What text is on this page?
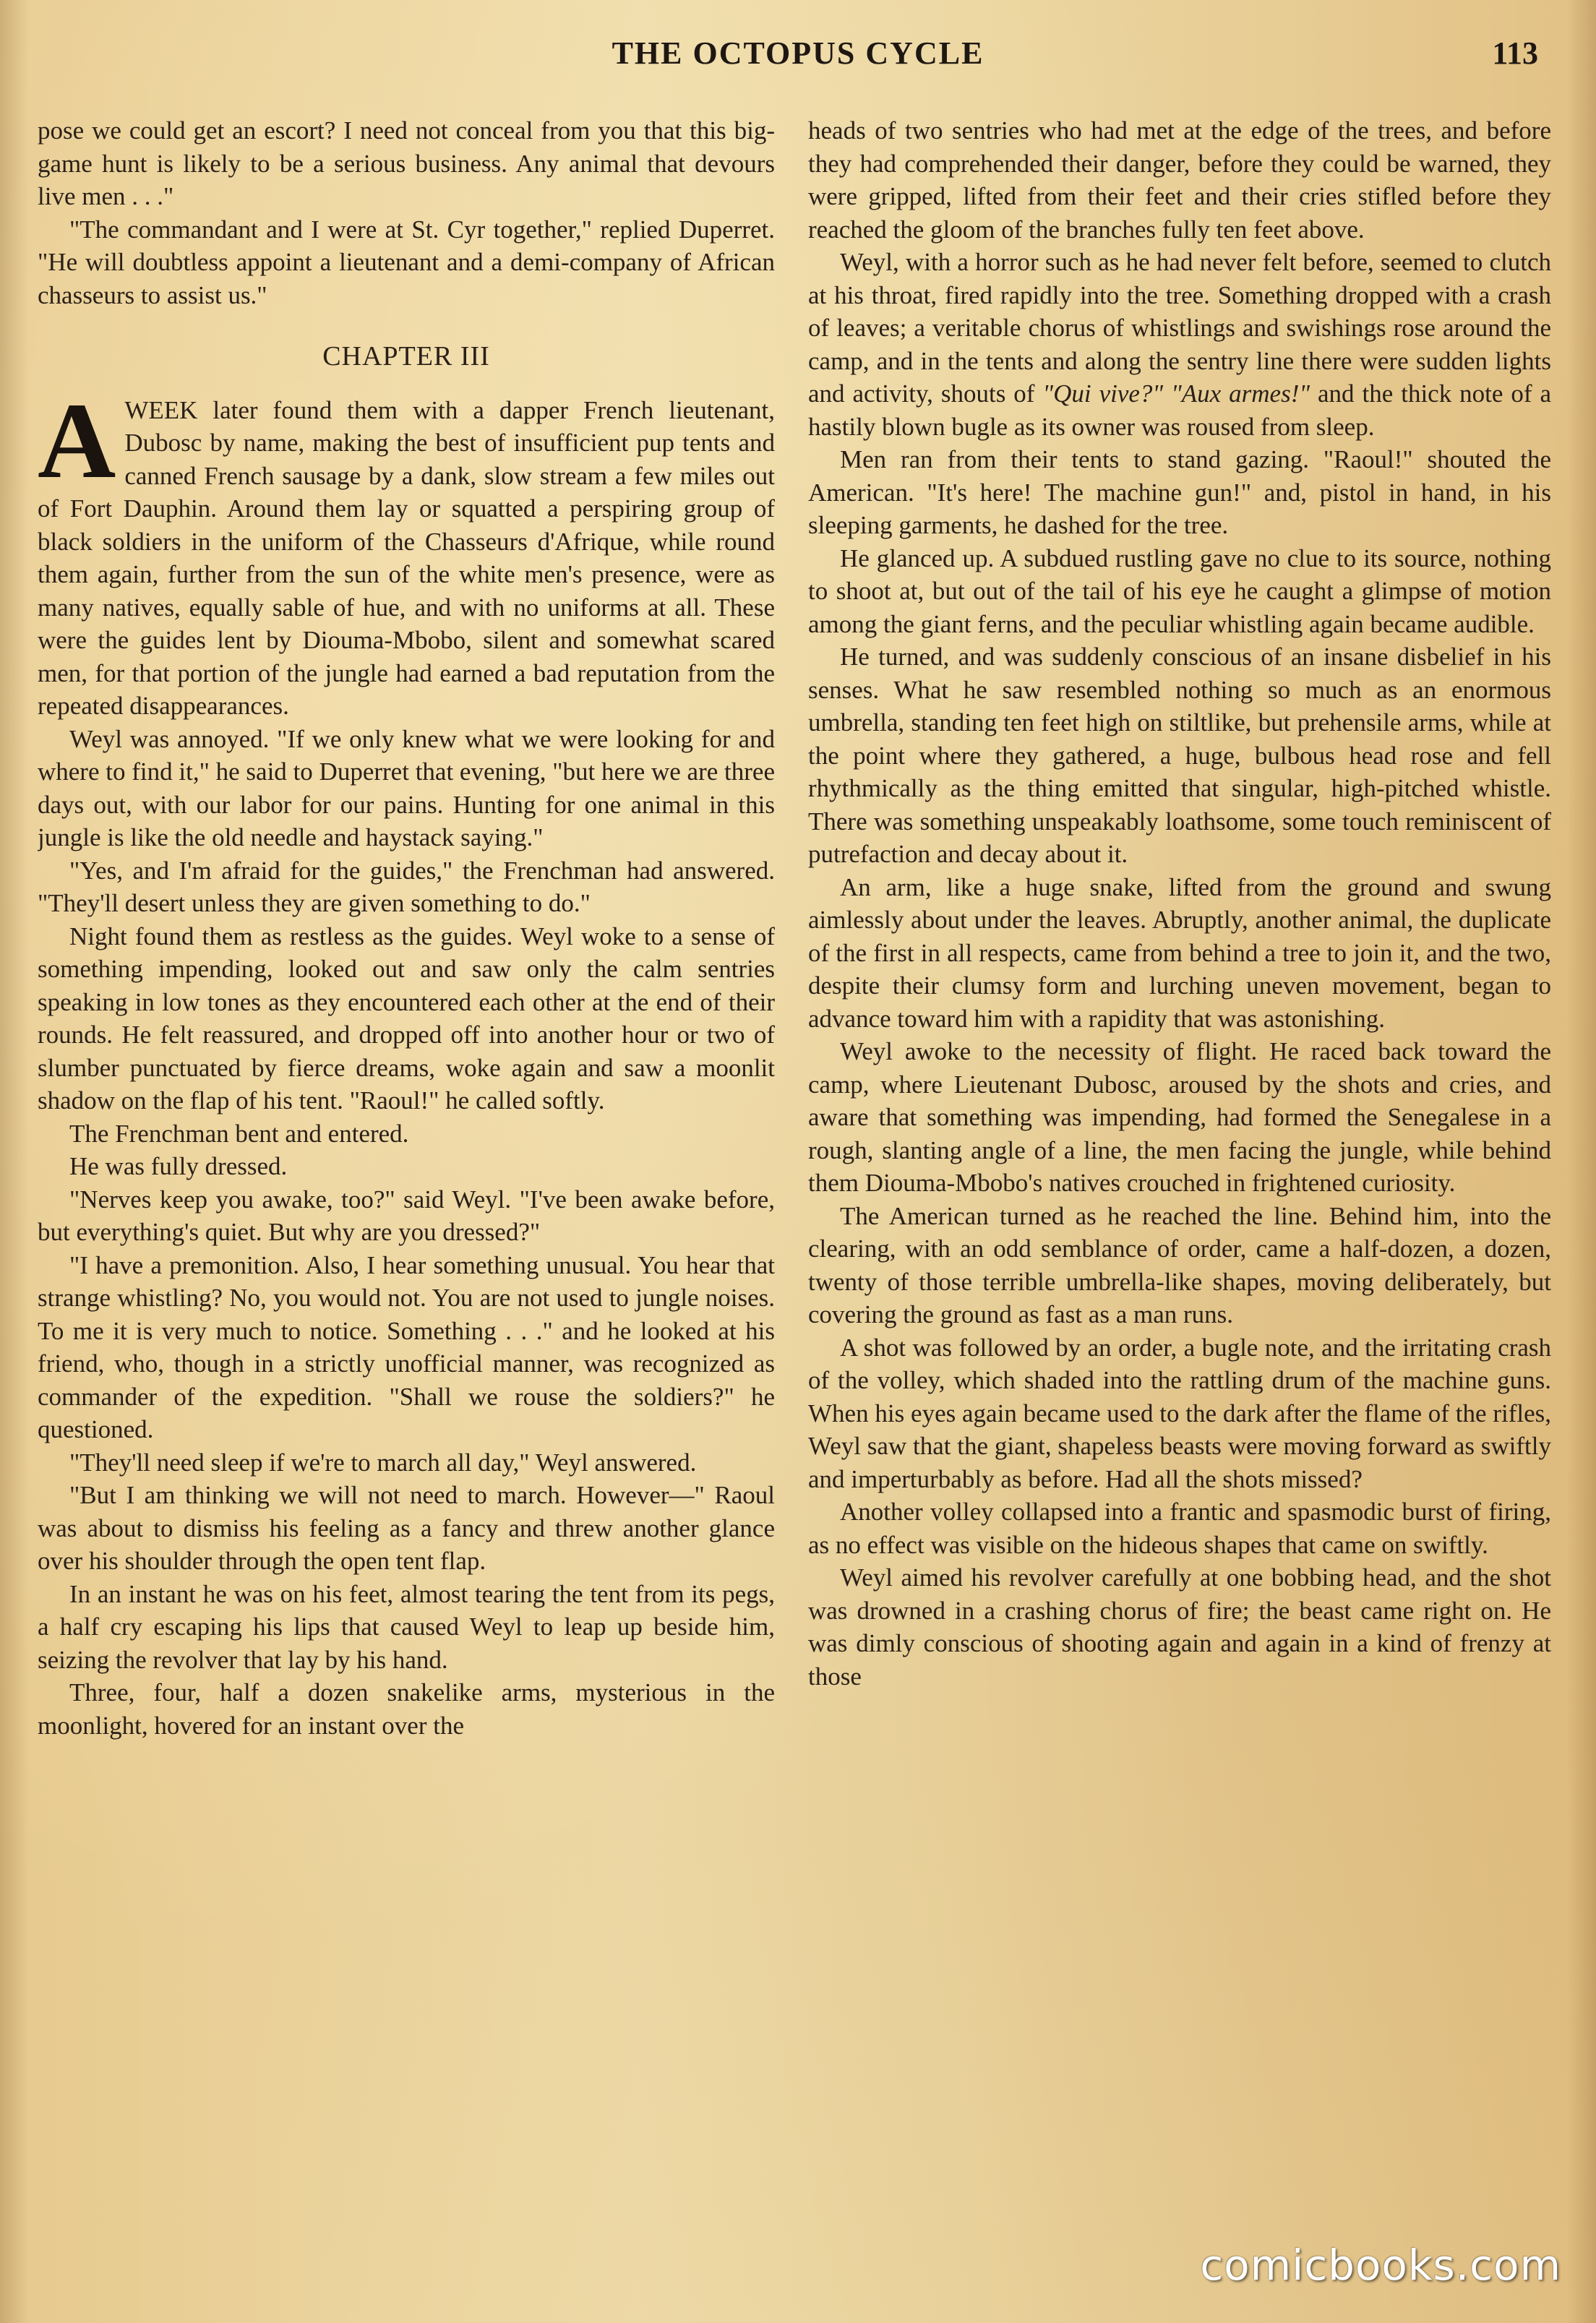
THE OCTOPUS CYCLE	113

pose we could get an escort? I need not conceal from you that this big-game hunt is likely to be a serious business. Any animal that devours live men . . ."

"The commandant and I were at St. Cyr together," replied Duperret. "He will doubtless appoint a lieutenant and a demi-company of African chasseurs to assist us."

CHAPTER III

AWEEK later found them with a dapper French lieutenant, Dubosc by name, making the best of insufficient pup tents and canned French sausage by a dank, slow stream a few miles out of Fort Dauphin. Around them lay or squatted a perspiring group of black soldiers in the uniform of the Chasseurs d'Afrique, while round them again, further from the sun of the white men's presence, were as many natives, equally sable of hue, and with no uniforms at all. These were the guides lent by Diouma-Mbobo, silent and somewhat scared men, for that portion of the jungle had earned a bad reputation from the repeated disappearances.

Weyl was annoyed. "If we only knew what we were looking for and where to find it," he said to Duperret that evening, "but here we are three days out, with our labor for our pains. Hunting for one animal in this jungle is like the old needle and haystack saying."

"Yes, and I'm afraid for the guides," the Frenchman had answered. "They'll desert unless they are given something to do."

Night found them as restless as the guides. Weyl woke to a sense of something impending, looked out and saw only the calm sentries speaking in low tones as they encountered each other at the end of their rounds. He felt reassured, and dropped off into another hour or two of slumber punctuated by fierce dreams, woke again and saw a moonlit shadow on the flap of his tent. "Raoul!" he called softly.

The Frenchman bent and entered.

He was fully dressed.

"Nerves keep you awake, too?" said Weyl. "I've been awake before, but everything's quiet. But why are you dressed?"

"I have a premonition. Also, I hear something unusual. You hear that strange whistling? No, you would not. You are not used to jungle noises. To me it is very much to notice. Something . . ." and he looked at his friend, who, though in a strictly unofficial manner, was recognized as commander of the expedition. "Shall we rouse the soldiers?" he questioned.

"They'll need sleep if we're to march all day," Weyl answered.

"But I am thinking we will not need to march. However—" Raoul was about to dismiss his feeling as a fancy and threw another glance over his shoulder through the open tent flap.

In an instant he was on his feet, almost tearing the tent from its pegs, a half cry escaping his lips that caused Weyl to leap up beside him, seizing the revolver that lay by his hand.

Three, four, half a dozen snakelike arms, mysterious in the moonlight, hovered for an instant over the

heads of two sentries who had met at the edge of the trees, and before they had comprehended their danger, before they could be warned, they were gripped, lifted from their feet and their cries stifled before they reached the gloom of the branches fully ten feet above.

Weyl, with a horror such as he had never felt before, seemed to clutch at his throat, fired rapidly into the tree. Something dropped with a crash of leaves; a veritable chorus of whistlings and swishings rose around the camp, and in the tents and along the sentry line there were sudden lights and activity, shouts of "Qui vive?" "Aux armes!" and the thick note of a hastily blown bugle as its owner was roused from sleep.

Men ran from their tents to stand gazing. "Raoul!" shouted the American. "It's here! The machine gun!" and, pistol in hand, in his sleeping garments, he dashed for the tree.

He glanced up. A subdued rustling gave no clue to its source, nothing to shoot at, but out of the tail of his eye he caught a glimpse of motion among the giant ferns, and the peculiar whistling again became audible.

He turned, and was suddenly conscious of an insane disbelief in his senses. What he saw resembled nothing so much as an enormous umbrella, standing ten feet high on stiltlike, but prehensile arms, while at the point where they gathered, a huge, bulbous head rose and fell rhythmically as the thing emitted that singular, high-pitched whistle. There was something unspeakably loathsome, some touch reminiscent of putrefaction and decay about it.

An arm, like a huge snake, lifted from the ground and swung aimlessly about under the leaves. Abruptly, another animal, the duplicate of the first in all respects, came from behind a tree to join it, and the two, despite their clumsy form and lurching uneven movement, began to advance toward him with a rapidity that was astonishing.

Weyl awoke to the necessity of flight. He raced back toward the camp, where Lieutenant Dubosc, aroused by the shots and cries, and aware that something was impending, had formed the Senegalese in a rough, slanting angle of a line, the men facing the jungle, while behind them Diouma-Mbobo's natives crouched in frightened curiosity.

The American turned as he reached the line. Behind him, into the clearing, with an odd semblance of order, came a half-dozen, a dozen, twenty of those terrible umbrella-like shapes, moving deliberately, but covering the ground as fast as a man runs.

A shot was followed by an order, a bugle note, and the irritating crash of the volley, which shaded into the rattling drum of the machine guns. When his eyes again became used to the dark after the flame of the rifles, Weyl saw that the giant, shapeless beasts were moving forward as swiftly and imperturbably as before. Had all the shots missed?

Another volley collapsed into a frantic and spasmodic burst of firing, as no effect was visible on the hideous shapes that came on swiftly.

Weyl aimed his revolver carefully at one bobbing head, and the shot was drowned in a crashing chorus of fire; the beast came right on. He was dimly conscious of shooting again and again in a kind of frenzy at those

comicbooks.com
